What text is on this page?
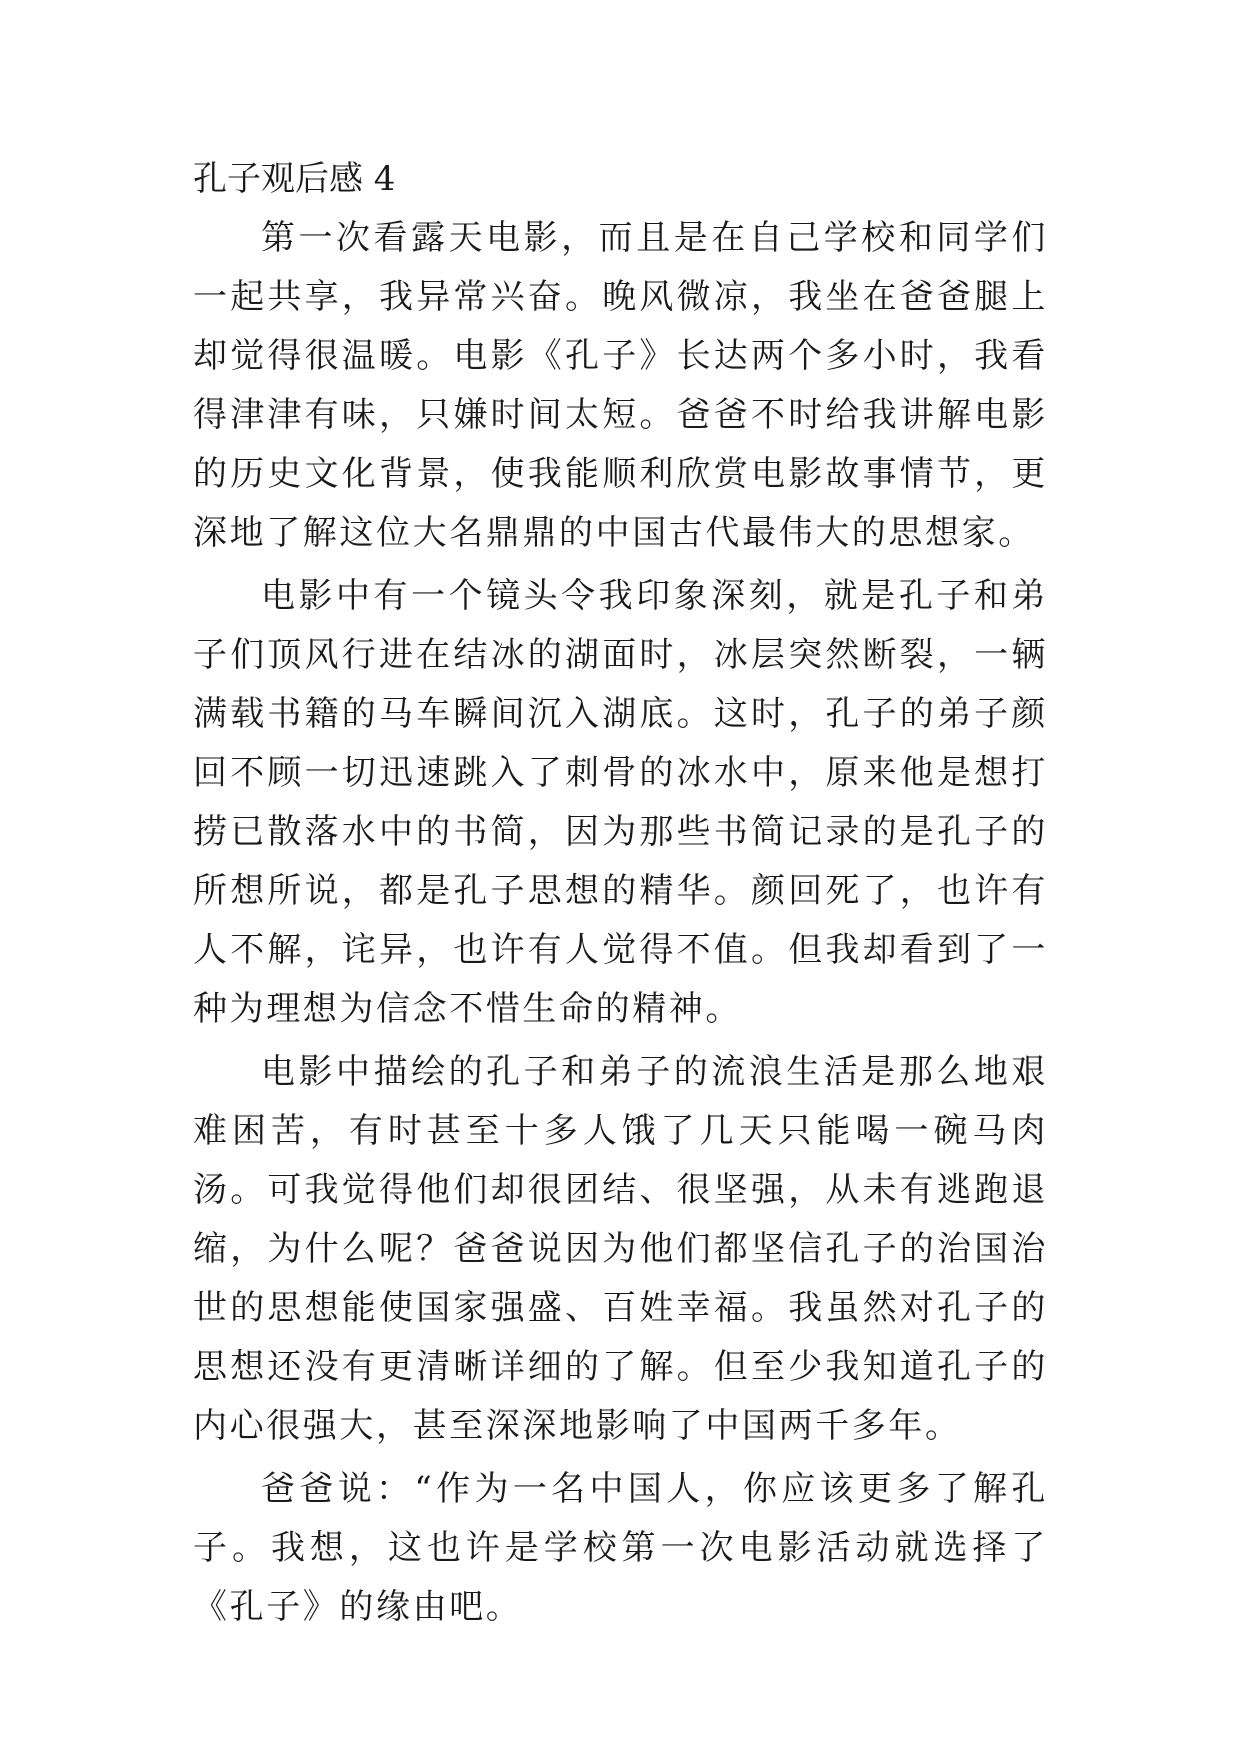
孔子观后感 4

第一次看露天电影，而且是在自己学校和同学们一起共享，我异常兴奋。晚风微凉，我坐在爸爸腿上却觉得很温暖。电影《孔子》长达两个多小时，我看得津津有味，只嫌时间太短。爸爸不时给我讲解电影的历史文化背景，使我能顺利欣赏电影故事情节，更深地了解这位大名鼎鼎的中国古代最伟大的思想家。

电影中有一个镜头令我印象深刻，就是孔子和弟子们顶风行进在结冰的湖面时，冰层突然断裂，一辆满载书籍的马车瞬间沉入湖底。这时，孔子的弟子颜回不顾一切迅速跳入了刺骨的冰水中，原来他是想打捞已散落水中的书简，因为那些书简记录的是孔子的所想所说，都是孔子思想的精华。颜回死了，也许有人不解，诧异，也许有人觉得不值。但我却看到了一种为理想为信念不惜生命的精神。

电影中描绘的孔子和弟子的流浪生活是那么地艰难困苦，有时甚至十多人饿了几天只能喝一碗马肉汤。可我觉得他们却很团结、很坚强，从未有逃跑退缩，为什么呢？爸爸说因为他们都坚信孔子的治国治世的思想能使国家强盛、百姓幸福。我虽然对孔子的思想还没有更清晰详细的了解。但至少我知道孔子的内心很强大，甚至深深地影响了中国两千多年。

爸爸说：“作为一名中国人，你应该更多了解孔子。我想，这也许是学校第一次电影活动就选择了《孔子》的缘由吧。
